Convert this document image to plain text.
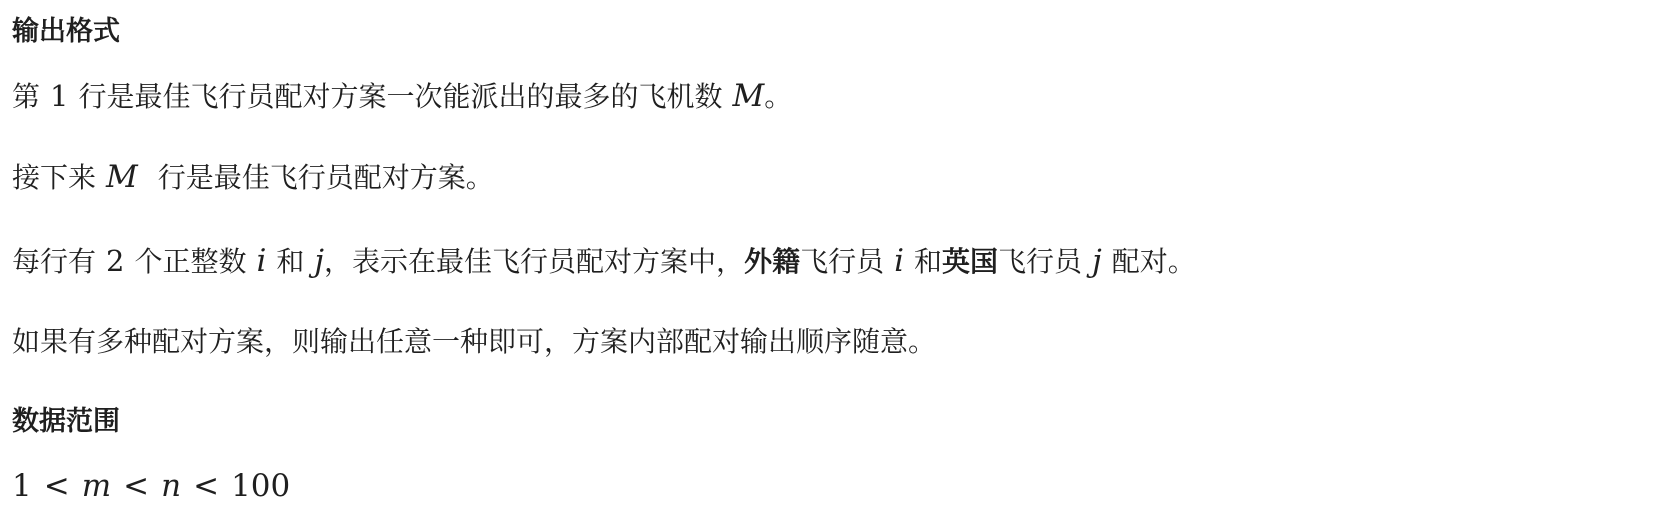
输出格式
第 1 行是最佳飞行员配对方案一次能派出的最多的飞机数 M。
接下来 M 行是最佳飞行员配对方案。
每行有 2 个正整数 i 和 j，表示在最佳飞行员配对方案中，外籍飞行员 i 和英国飞行员 j 配对。
如果有多种配对方案，则输出任意一种即可，方案内部配对输出顺序随意。
数据范围
1 < m < n < 100
